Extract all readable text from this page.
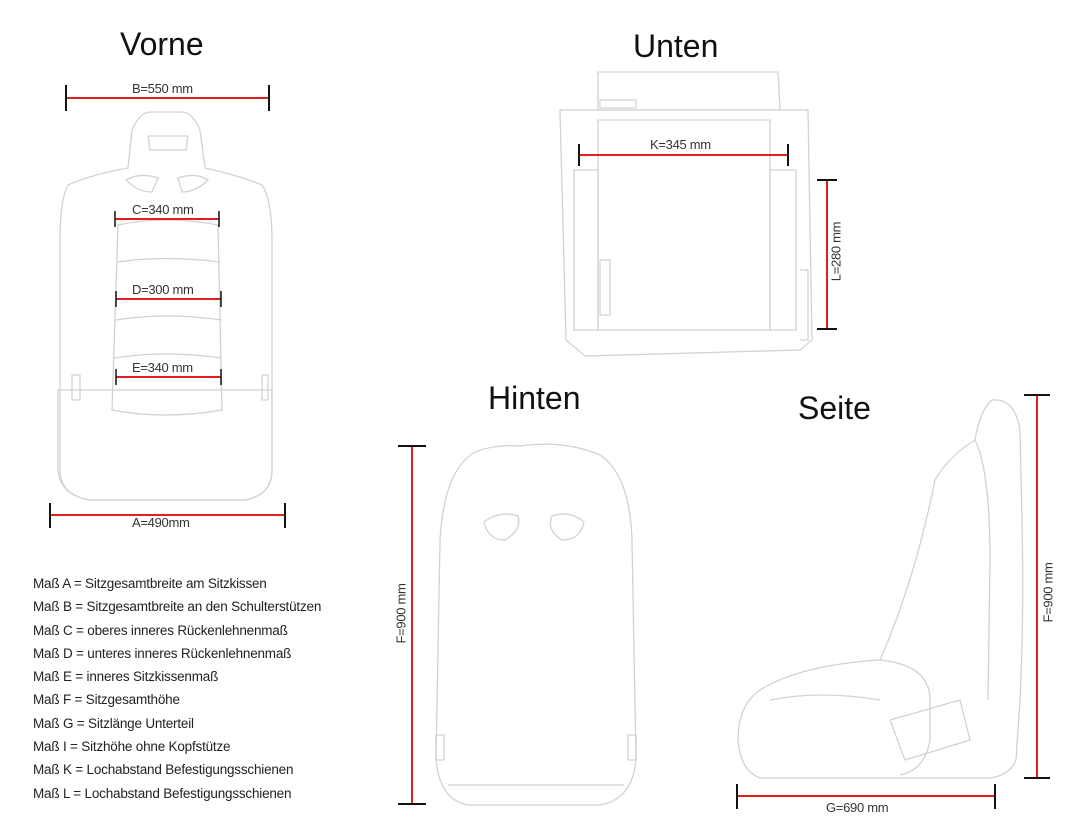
Vorne	Unten
Hinten	Seite
B=550 mm
C=340 mm
D=300 mm
E=340 mm
A=490mm
K=345 mm
L=280 mm
F=900 mm	F=900 mm
G=690 mm
Maß A = Sitzgesamtbreite am Sitzkissen
Maß B = Sitzgesamtbreite an den Schulterstützen
Maß C = oberes inneres Rückenlehnenmaß
Maß D = unteres inneres Rückenlehnenmaß
Maß E = inneres Sitzkissenmaß
Maß F = Sitzgesamthöhe
Maß G = Sitzlänge Unterteil
Maß I = Sitzhöhe ohne Kopfstütze
Maß K = Lochabstand Befestigungsschienen
Maß L = Lochabstand Befestigungsschienen
